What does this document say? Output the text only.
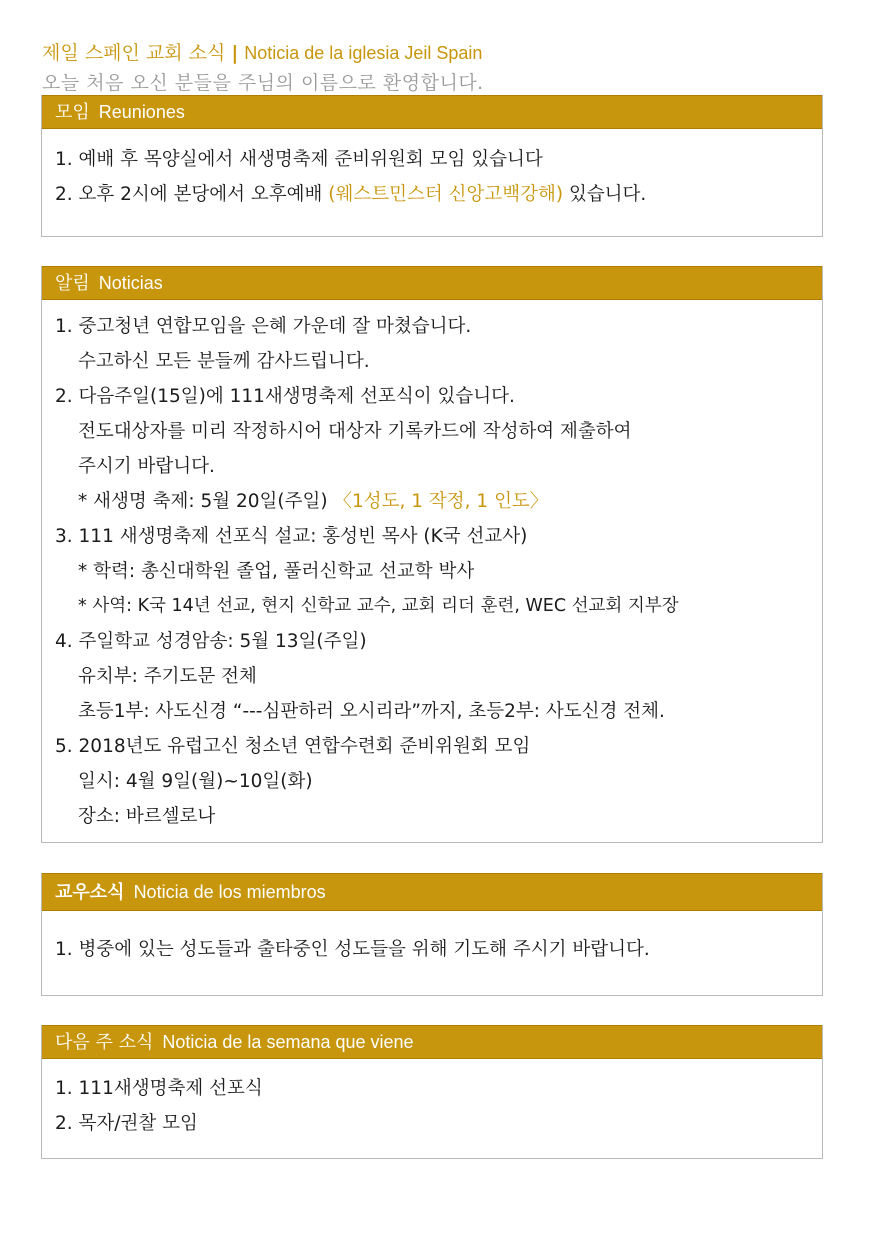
제일 스페인 교회 소식 | Noticia de la iglesia Jeil Spain
오늘 처음 오신 분들을 주님의 이름으로 환영합니다.
모임 Reuniones
1. 예배 후 목양실에서 새생명축제 준비위원회 모임 있습니다
2. 오후 2시에 본당에서 오후예배 (웨스트민스터 신앙고백강해) 있습니다.
알림 Noticias
1. 중고청년 연합모임을 은혜 가운데 잘 마쳤습니다.
수고하신 모든 분들께 감사드립니다.
2. 다음주일(15일)에 111새생명축제 선포식이 있습니다.
전도대상자를 미리 작정하시어 대상자 기록카드에 작성하여 제출하여
주시기 바랍니다.
* 새생명 축제: 5월 20일(주일) 〈1성도, 1 작정, 1 인도〉
3. 111 새생명축제 선포식 설교: 홍성빈 목사 (K국 선교사)
* 학력: 총신대학원 졸업, 풀러신학교 선교학 박사
* 사역: K국 14년 선교, 현지 신학교 교수, 교회 리더 훈련, WEC 선교회 지부장
4. 주일학교 성경암송: 5월 13일(주일)
유치부: 주기도문 전체
초등1부: 사도신경 “---심판하러 오시리라”까지, 초등2부: 사도신경 전체.
5. 2018년도 유럽고신 청소년 연합수련회 준비위원회 모임
일시: 4월 9일(월)~10일(화)
장소: 바르셀로나
교우소식 Noticia de los miembros
1. 병중에 있는 성도들과 출타중인 성도들을 위해 기도해 주시기 바랍니다.
다음 주 소식 Noticia de la semana que viene
1. 111새생명축제 선포식
2. 목자/권찰 모임
